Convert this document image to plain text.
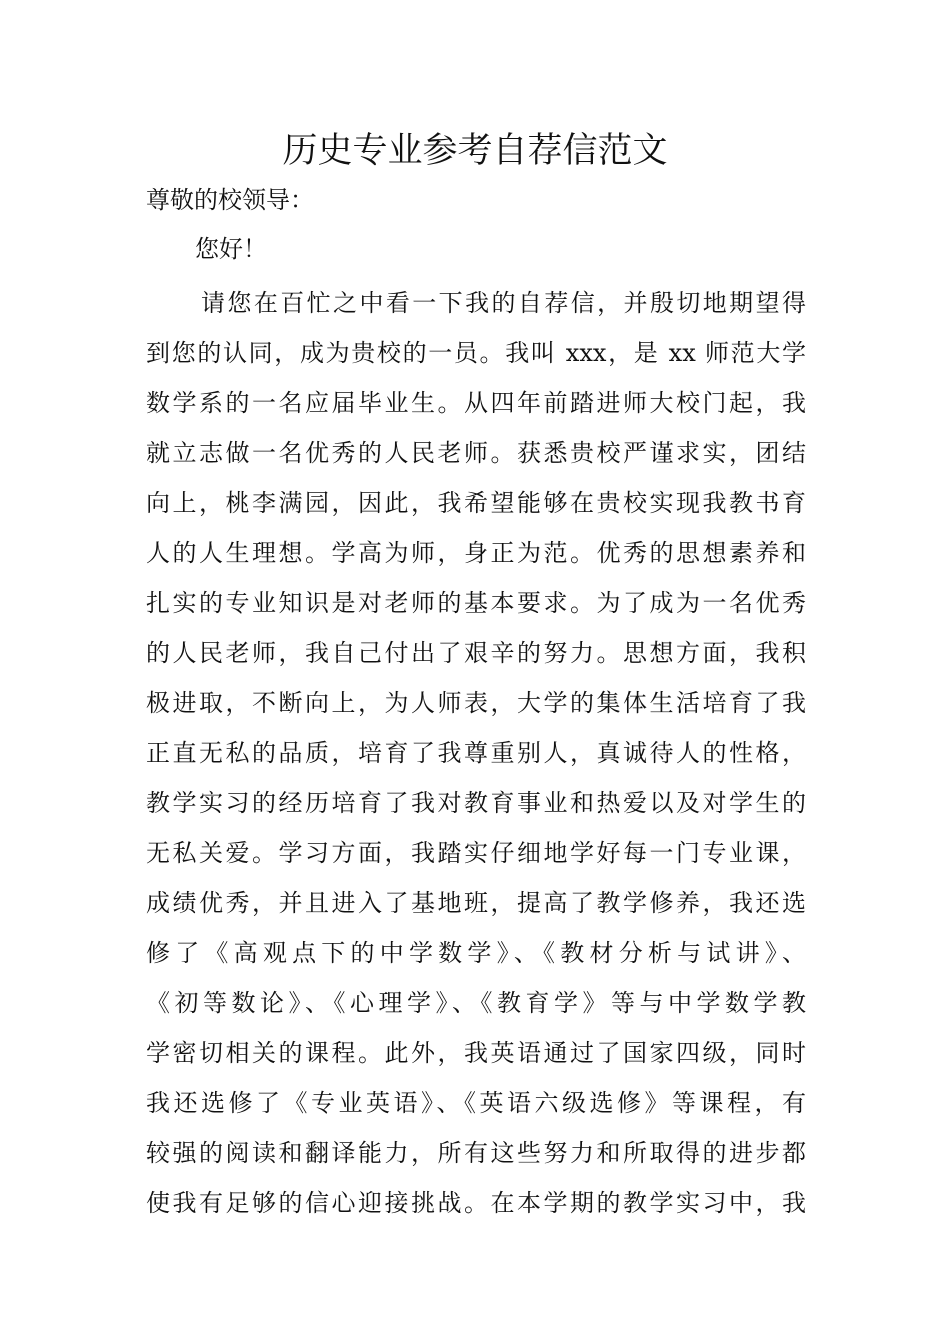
历史专业参考自荐信范文
尊敬的校领导：
您好！
请您在百忙之中看一下我的自荐信，并殷切地期望得
到您的认同，成为贵校的一员。我叫 xxx，是 xx 师范大学
数学系的一名应届毕业生。从四年前踏进师大校门起，我
就立志做一名优秀的人民老师。获悉贵校严谨求实，团结
向上，桃李满园，因此，我希望能够在贵校实现我教书育
人的人生理想。学高为师，身正为范。优秀的思想素养和
扎实的专业知识是对老师的基本要求。为了成为一名优秀
的人民老师，我自己付出了艰辛的努力。思想方面，我积
极进取，不断向上，为人师表，大学的集体生活培育了我
正直无私的品质，培育了我尊重别人，真诚待人的性格，
教学实习的经历培育了我对教育事业和热爱以及对学生的
无私关爱。学习方面，我踏实仔细地学好每一门专业课，
成绩优秀，并且进入了基地班，提高了教学修养，我还选
修了《高观点下的中学数学》、《教材分析与试讲》、
《初等数论》、《心理学》、《教育学》等与中学数学教
学密切相关的课程。此外，我英语通过了国家四级，同时
我还选修了《专业英语》、《英语六级选修》等课程，有
较强的阅读和翻译能力，所有这些努力和所取得的进步都
使我有足够的信心迎接挑战。在本学期的教学实习中，我
